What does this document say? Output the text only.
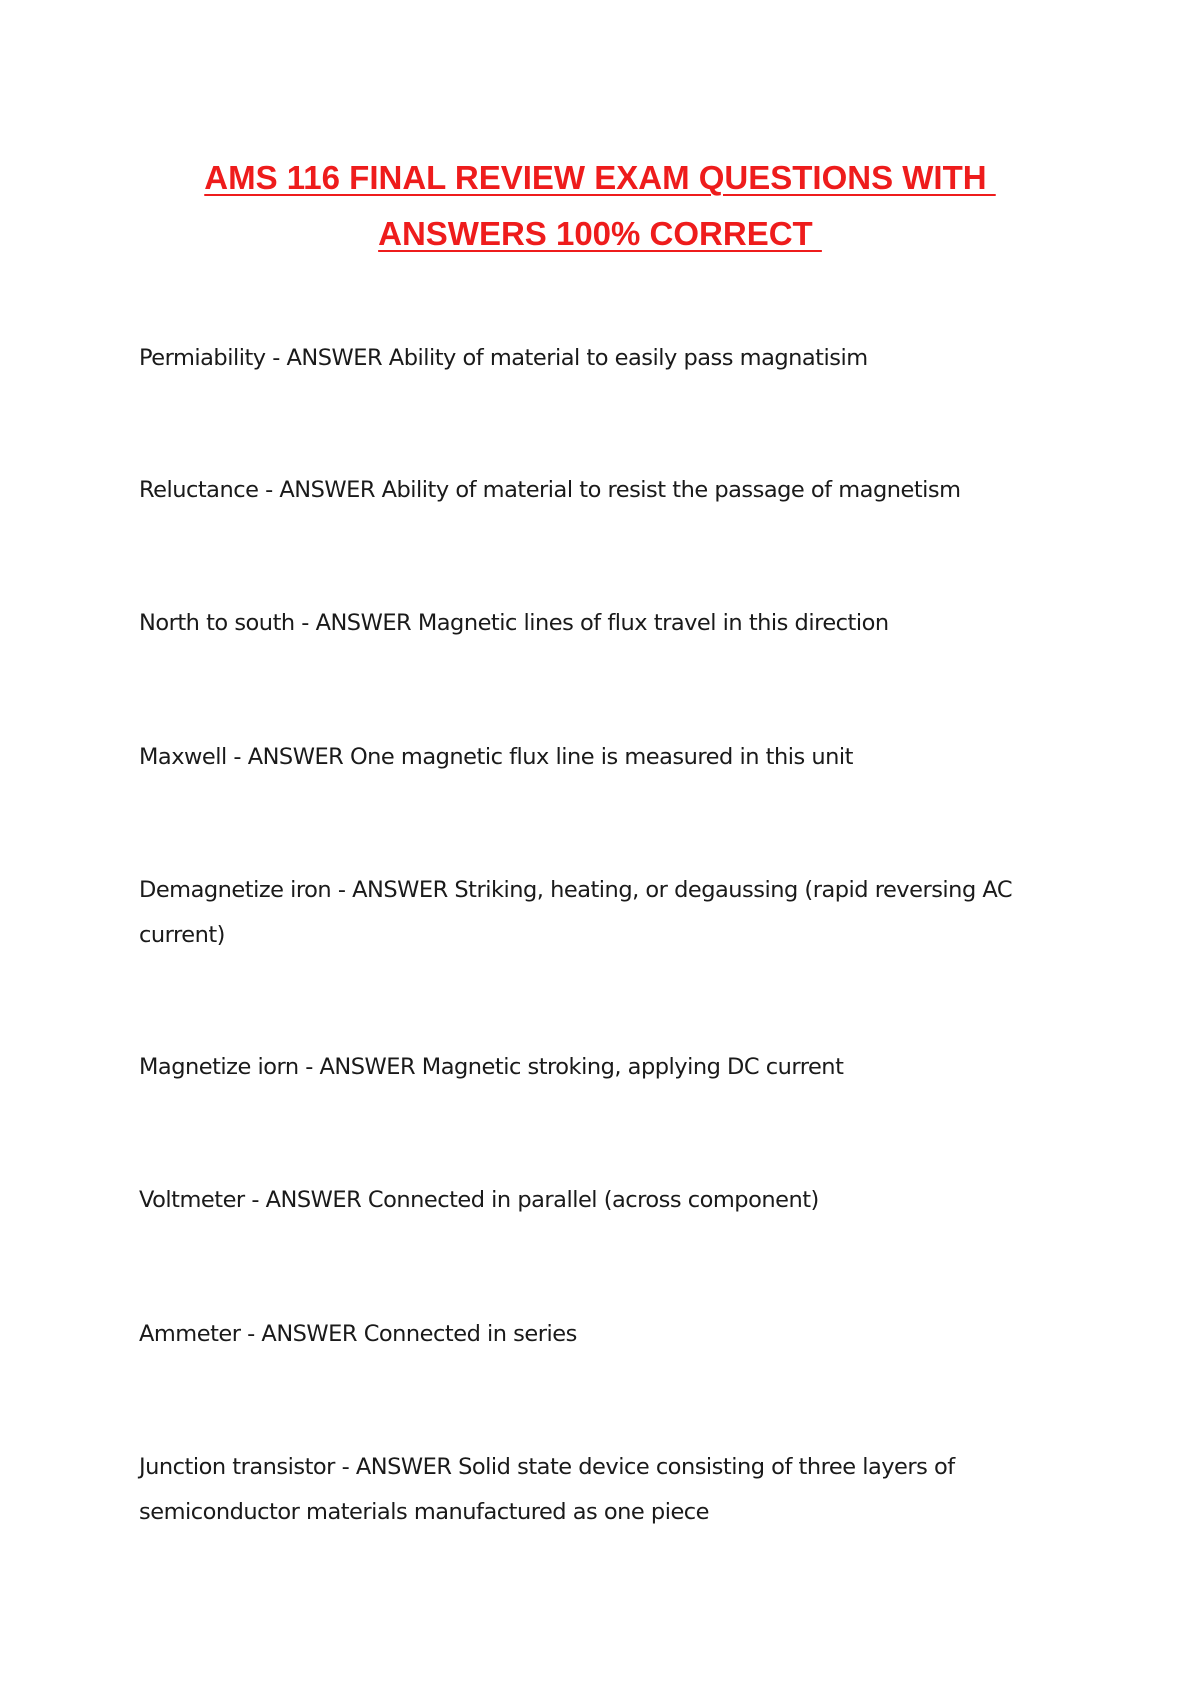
AMS 116 FINAL REVIEW EXAM QUESTIONS WITH
ANSWERS 100% CORRECT
Permiability - ANSWER Ability of material to easily pass magnatisim
Reluctance - ANSWER Ability of material to resist the passage of magnetism
North to south - ANSWER Magnetic lines of flux travel in this direction
Maxwell - ANSWER One magnetic flux line is measured in this unit
Demagnetize iron - ANSWER Striking, heating, or degaussing (rapid reversing AC current)
Magnetize iorn - ANSWER Magnetic stroking, applying DC current
Voltmeter - ANSWER Connected in parallel (across component)
Ammeter - ANSWER Connected in series
Junction transistor - ANSWER Solid state device consisting of three layers of semiconductor materials manufactured as one piece
